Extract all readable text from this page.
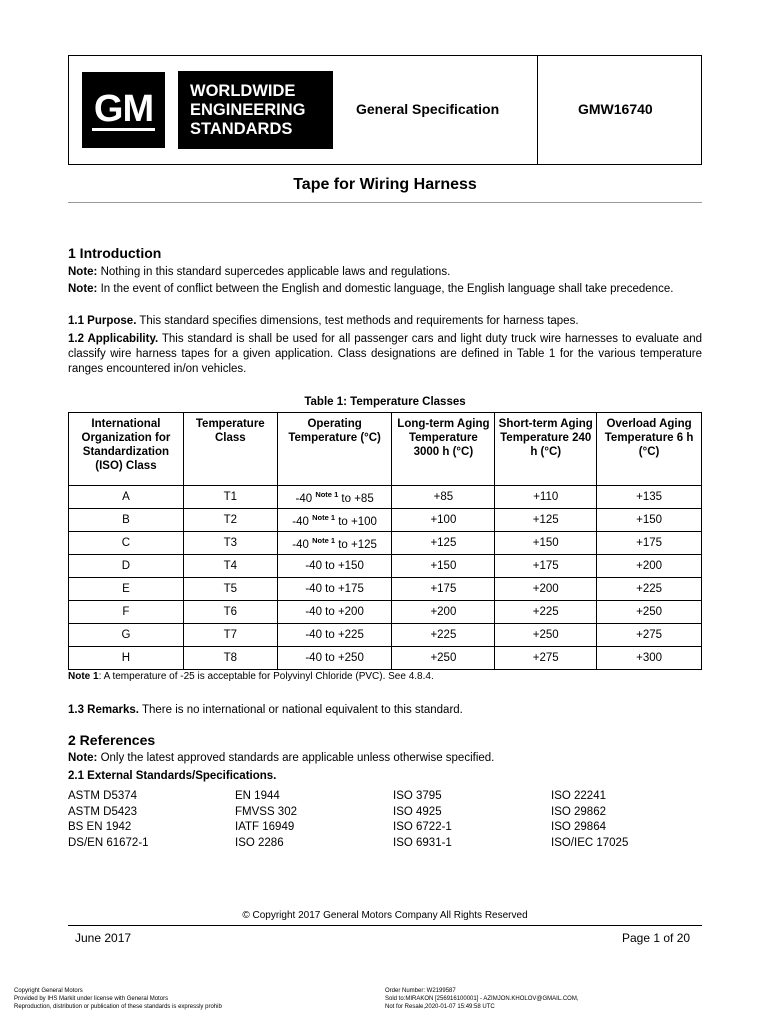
GM WORLDWIDE
ENGINEERING
STANDARDS
General Specification	GMW16740
Tape for Wiring Harness
1 Introduction
Note: Nothing in this standard supercedes applicable laws and regulations.
Note: In the event of conflict between the English and domestic language, the English language shall take precedence.
1.1 Purpose. This standard specifies dimensions, test methods and requirements for harness tapes.
1.2 Applicability. This standard is shall be used for all passenger cars and light duty truck wire harnesses to evaluate and classify wire harness tapes for a given application. Class designations are defined in Table 1 for the various temperature ranges encountered in/on vehicles.
Table 1: Temperature Classes
International Organization for Standardization (ISO) Class	Temperature Class	Operating Temperature (°C)	Long-term Aging Temperature 3000 h (°C)	Short-term Aging Temperature 240 h (°C)	Overload Aging Temperature 6 h (°C)
A	T1	-40 $^{Note 1}$ to +85	+85	+110	+135
B	T2	-40 $^{Note 1}$ to +100	+100	+125	+150
C	T3	-40 $^{Note 1}$ to +125	+125	+150	+175
D	T4	-40 to +150	+150	+175	+200
E	T5	-40 to +175	+175	+200	+225
F	T6	-40 to +200	+200	+225	+250
G	T7	-40 to +225	+225	+250	+275
H	T8	-40 to +250	+250	+275	+300
Note 1: A temperature of -25 is acceptable for Polyvinyl Chloride (PVC). See 4.8.4.
1.3 Remarks. There is no international or national equivalent to this standard.
2 References
Note: Only the latest approved standards are applicable unless otherwise specified.
2.1 External Standards/Specifications.
ASTM D5374
ASTM D5423
BS EN 1942
DS/EN 61672-1
EN 1944
FMVSS 302
IATF 16949
ISO 2286
ISO 3795
ISO 4925
ISO 6722-1
ISO 6931-1
ISO 22241
ISO 29862
ISO 29864
ISO/IEC 17025
© Copyright 2017 General Motors Company All Rights Reserved
June 2017	Page 1 of 20
Copyright General Motors
Provided by IHS Markit under license with General Motors
Reproduction, distribution or publication of these standards is expressly prohib
Order Number: W2199587
Sold to:MIRAKON [256916100001] - AZIMJON.KHOLOV@GMAIL.COM,
Not for Resale,2020-01-07 15:49:58 UTC
